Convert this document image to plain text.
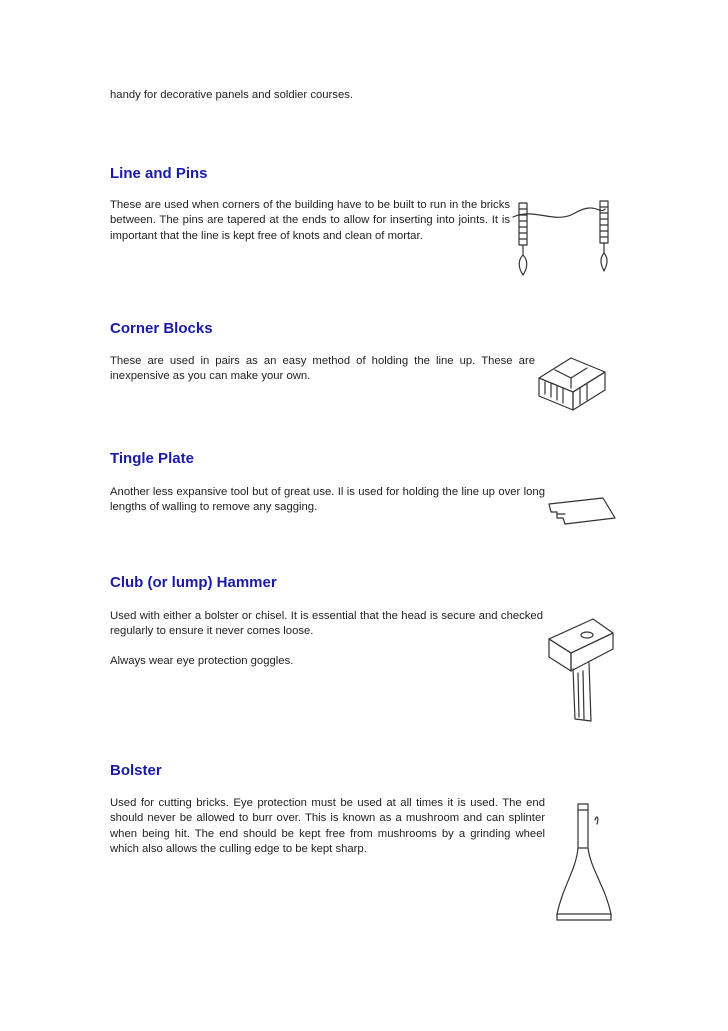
handy for decorative panels and soldier courses.

Line and Pins

These are used when corners of the building have to be built to run in the bricks between. The pins are tapered at the ends to allow for inserting into joints. It is important that the line is kept free of knots and clean of mortar.

Corner Blocks

These are used in pairs as an easy method of holding the line up. These are inexpensive as you can make your own.

Tingle Plate

Another less expansive tool but of great use. Il is used for holding the line up over long lengths of walling to remove any sagging.

Club (or lump) Hammer

Used with either a bolster or chisel. It is essential that the head is secure and checked regularly to ensure it never comes loose.

Always wear eye protection goggles.

Bolster

Used for cutting bricks. Eye protection must be used at all times it is used. The end should never be allowed to burr over. This is known as a mushroom and can splinter when being hit. The end should be kept free from mushrooms by a grinding wheel which also allows the culling edge to be kept sharp.
